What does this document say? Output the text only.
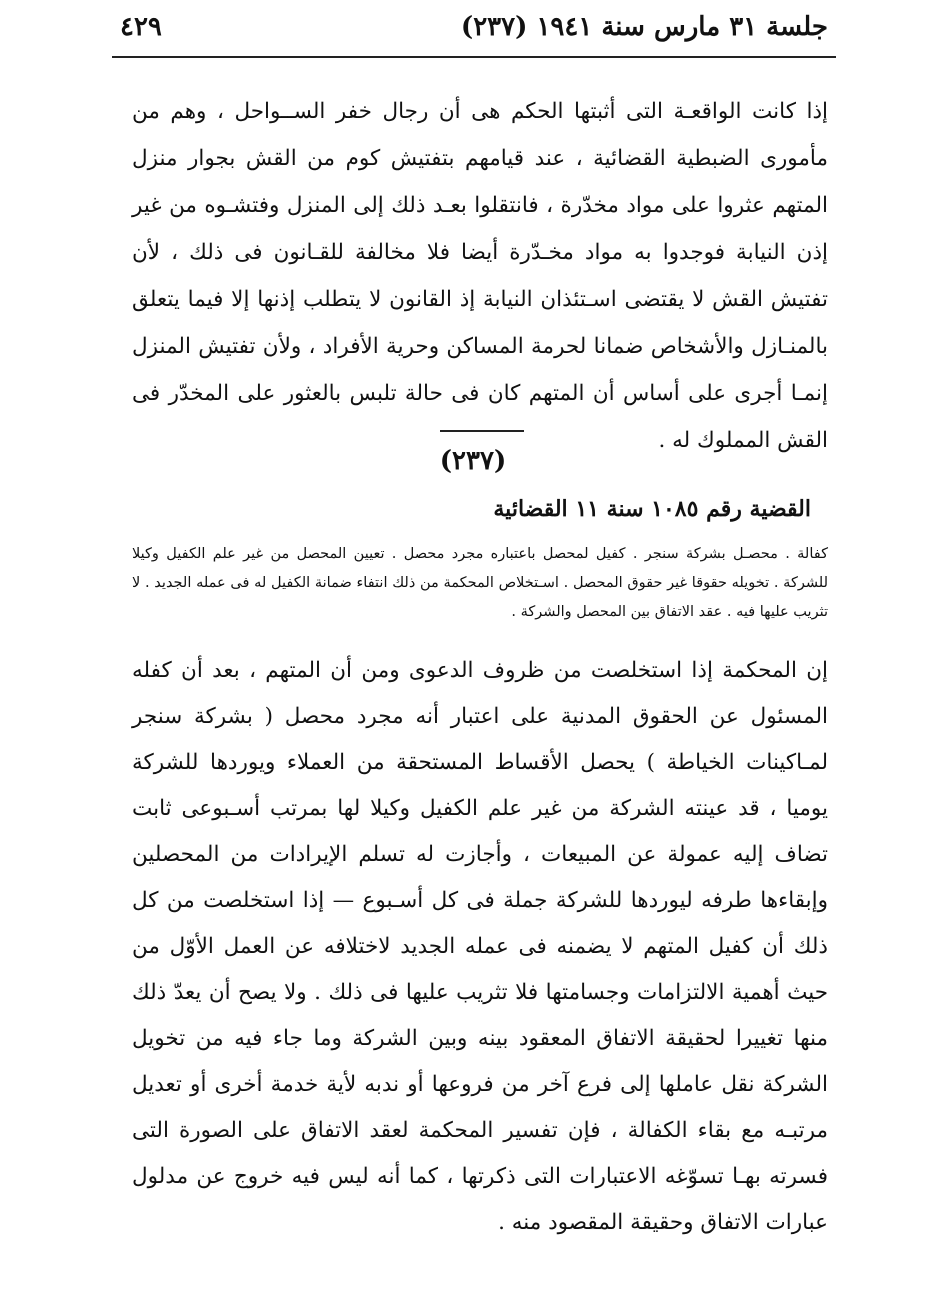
جلسة ٣١ مارس سنة ١٩٤١ (٢٣٧)
٤٢٩

إذا كانت الواقعـة التى أثبتها الحكم هى أن رجال خفر الســواحل ، وهم من مأمورى الضبطية القضائية ، عند قيامهم بتفتيش كوم من القش بجوار منزل المتهم عثروا على مواد مخدّرة ، فانتقلوا بعـد ذلك إلى المنزل وفتشـوه من غير إذن النيابة فوجدوا به مواد مخـدّرة أيضا فلا مخالفة للقـانون فى ذلك ، لأن تفتيش القش لا يقتضى اسـتئذان النيابة إذ القانون لا يتطلب إذنها إلا فيما يتعلق بالمنـازل والأشخاص ضمانا لحرمة المساكن وحرية الأفراد ، ولأن تفتيش المنزل إنمـا أجرى على أساس أن المتهم كان فى حالة تلبس بالعثور على المخدّر فى القش المملوك له .

(٢٣٧)
القضية رقم ١٠٨٥ سنة ١١ القضائية

كفالة . محصـل بشركة سنجر . كفيل لمحصل باعتباره مجرد محصل . تعيين المحصل من غير علم الكفيل وكيلا للشركة . تخويله حقوقا غير حقوق المحصل . اسـتخلاص المحكمة من ذلك انتفاء ضمانة الكفيل له فى عمله الجديد . لا تثريب عليها فيه . عقد الاتفاق بين المحصل والشركة .

إن المحكمة إذا استخلصت من ظروف الدعوى ومن أن المتهم ، بعد أن كفله المسئول عن الحقوق المدنية على اعتبار أنه مجرد محصل ( بشركة سنجر لمـاكينات الخياطة ) يحصل الأقساط المستحقة من العملاء ويوردها للشركة يوميا ، قد عينته الشركة من غير علم الكفيل وكيلا لها بمرتب أسـبوعى ثابت تضاف إليه عمولة عن المبيعات ، وأجازت له تسلم الإيرادات من المحصلين وإبقاءها طرفه ليوردها للشركة جملة فى كل أسـبوع — إذا استخلصت من كل ذلك أن كفيل المتهم لا يضمنه فى عمله الجديد لاختلافه عن العمل الأوّل من حيث أهمية الالتزامات وجسامتها فلا تثريب عليها فى ذلك . ولا يصح أن يعدّ ذلك منها تغييرا لحقيقة الاتفاق المعقود بينه وبين الشركة وما جاء فيه من تخويل الشركة نقل عاملها إلى فرع آخر من فروعها أو ندبه لأية خدمة أخرى أو تعديل مرتبـه مع بقاء الكفالة ، فإن تفسير المحكمة لعقد الاتفاق على الصورة التى فسرته بهـا تسوّغه الاعتبارات التى ذكرتها ، كما أنه ليس فيه خروج عن مدلول عبارات الاتفاق وحقيقة المقصود منه .
